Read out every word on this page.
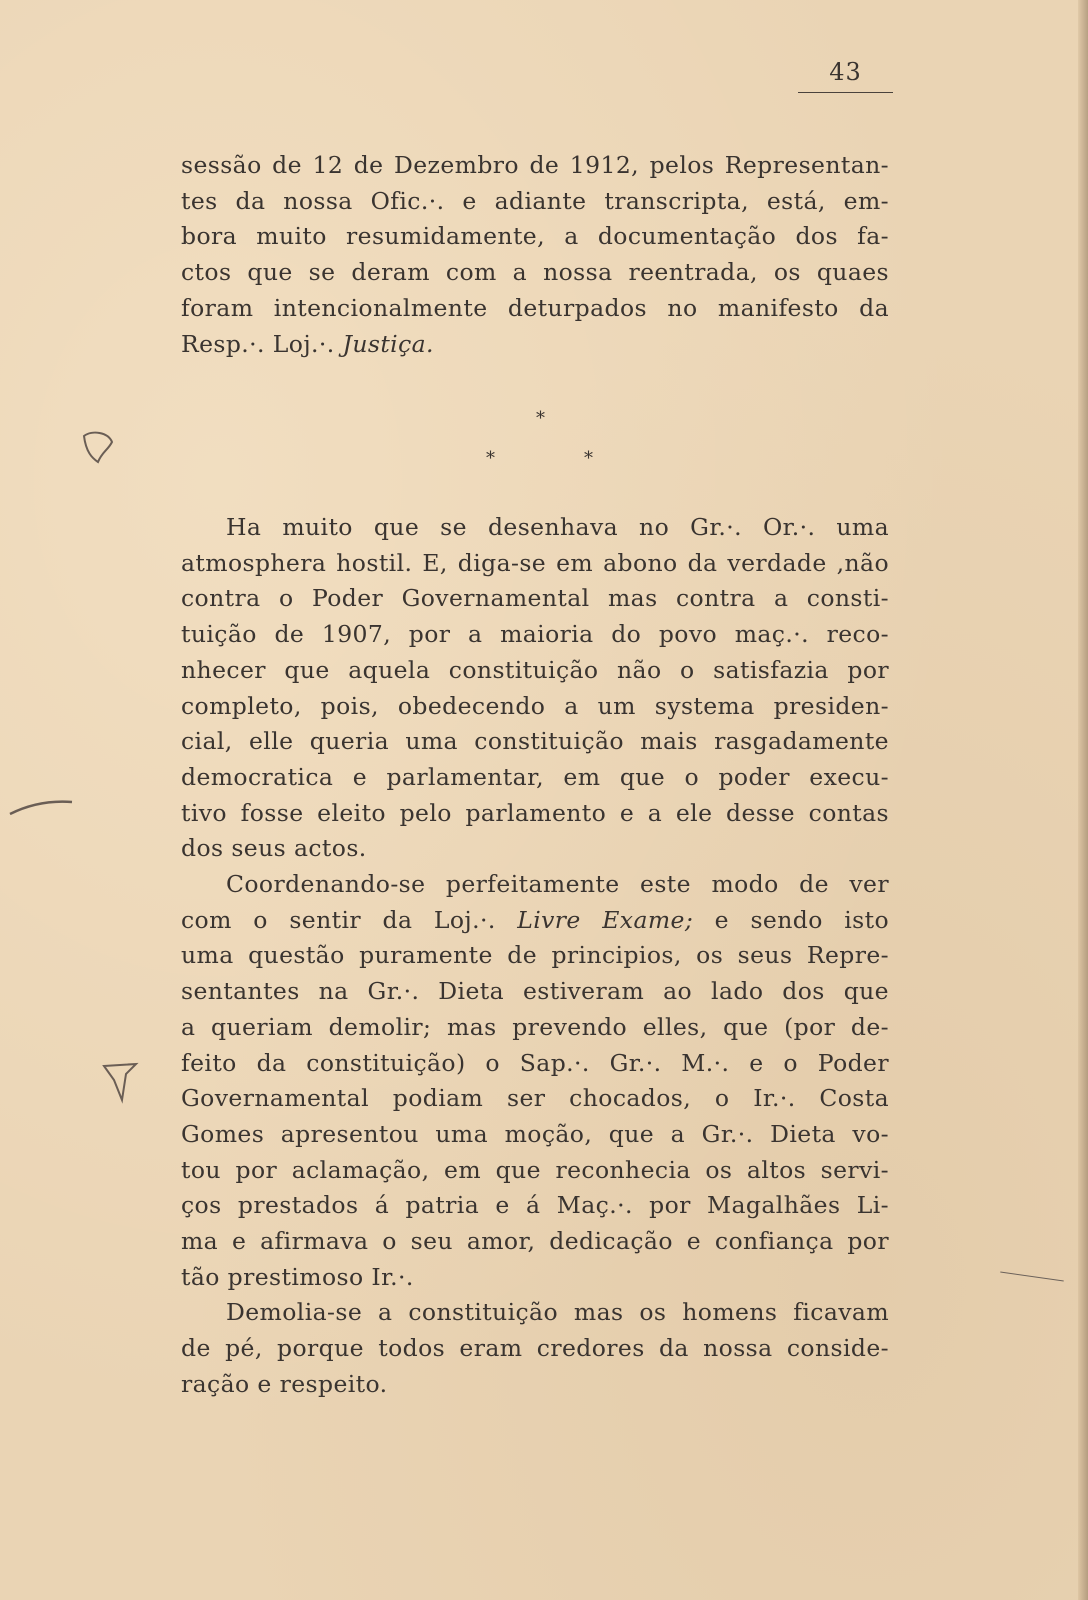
43
sessão de 12 de Dezembro de 1912, pelos Representan-
tes da nossa Ofic.·. e adiante transcripta, está, em-
bora muito resumidamente, a documentação dos fa-
ctos que se deram com a nossa reentrada, os quaes
foram intencionalmente deturpados no manifesto da
Resp.·. Loj.·. Justiça.
*
*	*
Ha muito que se desenhava no Gr.·. Or.·. uma
atmosphera hostil. E, diga-se em abono da verdade ,não
contra o Poder Governamental mas contra a consti-
tuição de 1907, por a maioria do povo maç.·. reco-
nhecer que aquela constituição não o satisfazia por
completo, pois, obedecendo a um systema presiden-
cial, elle queria uma constituição mais rasgadamente
democratica e parlamentar, em que o poder execu-
tivo fosse eleito pelo parlamento e a ele desse contas
dos seus actos.
Coordenando-se perfeitamente este modo de ver
com o sentir da Loj.·. Livre Exame; e sendo isto
uma questão puramente de principios, os seus Repre-
sentantes na Gr.·. Dieta estiveram ao lado dos que
a queriam demolir; mas prevendo elles, que (por de-
feito da constituição) o Sap.·. Gr.·. M.·. e o Poder
Governamental podiam ser chocados, o Ir.·. Costa
Gomes apresentou uma moção, que a Gr.·. Dieta vo-
tou por aclamação, em que reconhecia os altos servi-
ços prestados á patria e á Maç.·. por Magalhães Li-
ma e afirmava o seu amor, dedicação e confiança por
tão prestimoso Ir.·.
Demolia-se a constituição mas os homens ficavam
de pé, porque todos eram credores da nossa conside-
ração e respeito.
